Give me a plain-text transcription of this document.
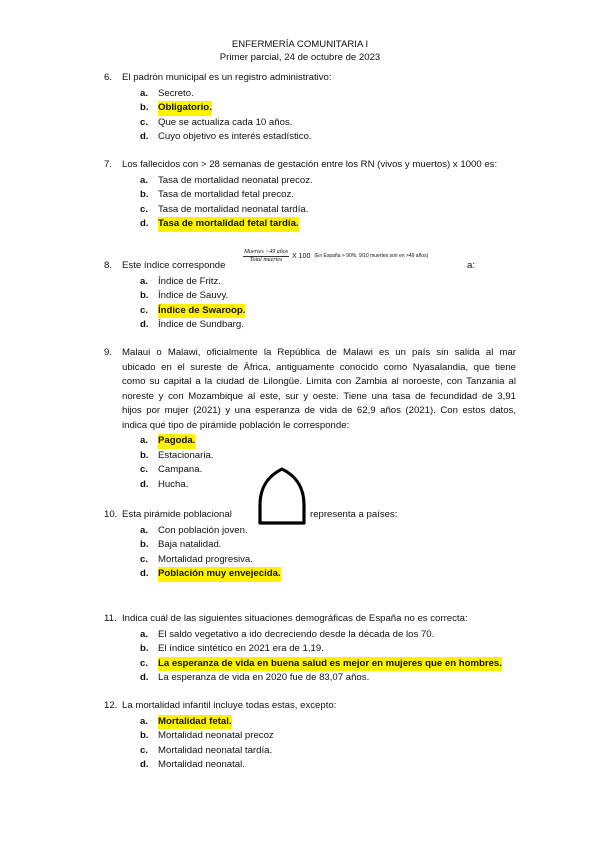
ENFERMERÍA COMUNITARIA I
Primer parcial, 24 de octubre de 2023
6.	El padrón municipal es un registro administrativo:
a.	Secreto.
b. Obligatorio.
c.	Que se actualiza cada 10 años.
d. Cuyo objetivo es interés estadístico.
7.	Los fallecidos con > 28 semanas de gestación entre los RN (vivos y muertos) x 1000 es:
a.	Tasa de mortalidad neonatal precoz.
b. Tasa de mortalidad fetal precoz.
c.	Tasa de mortalidad neonatal tardía.
d. Tasa de mortalidad fetal tardía.
$\frac{\text{Muertes >49 años}}{\text{Total muertes}}$ X 100 (En España > 90%. 9/10 muertes son en >49 años)
8.	Este índice corresponde	a:
a.	Índice de Fritz.
b. Índice de Sauvy.
c.	Índice de Swaroop.
d. Índice de Sundbarg.
9.	Malaui o Malawi, oficialmente la República de Malawi es un país sin salida al mar
ubicado en el sureste de África, antiguamente conocido como Nyasalandia, que tiene
como su capital a la ciudad de Lilongüe. Limita con Zambia al noroeste, con Tanzania al
noreste y con Mozambique al este, sur y oeste. Tiene una tasa de fecundidad de 3,91
hijos por mujer (2021) y una esperanza de vida de 62,9 años (2021). Con estos datos,
indica qué tipo de pirámide población le corresponde:
a.	Pagoda.
b. Estacionaria.
c.	Campana.
d. Hucha.
10. Esta pirámide poblacional	representa a países:
a.	Con población joven.
b. Baja natalidad.
c.	Mortalidad progresiva.
d. Población muy envejecida.
11. Indica cuál de las siguientes situaciones demográficas de España no es correcta:
a.	El saldo vegetativo a ido decreciendo desde la década de los 70.
b. El índice sintético en 2021 era de 1,19.
c.	La esperanza de vida en buena salud es mejor en mujeres que en hombres.
d. La esperanza de vida en 2020 fue de 83,07 años.
12. La mortalidad infantil incluye todas estas, excepto:
a.	Mortalidad fetal.
b. Mortalidad neonatal precoz
c.	Mortalidad neonatal tardía.
d. Mortalidad neonatal.
